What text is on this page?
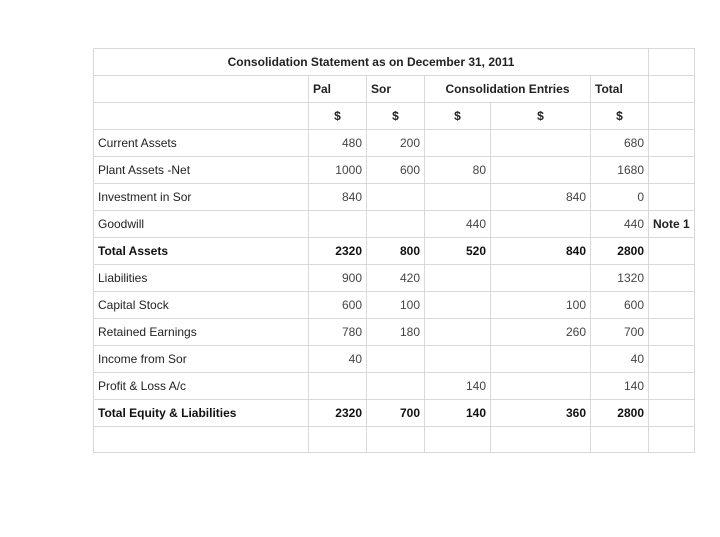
Consolidation Statement as on December 31, 2011						
	Pal	Sor	Consolidation Entries		Total	
	$	$	$	$	$	
Current Assets	480	200			680	
Plant Assets -Net	1000	600	80		1680	
Investment in Sor	840			840	0	
Goodwill			440		440	Note 1
Total Assets	2320	800	520	840	2800	
Liabilities	900	420			1320	
Capital Stock	600	100		100	600	
Retained Earnings	780	180		260	700	
Income from Sor	40				40	
Profit & Loss A/c			140		140	
Total Equity & Liabilities	2320	700	140	360	2800	
